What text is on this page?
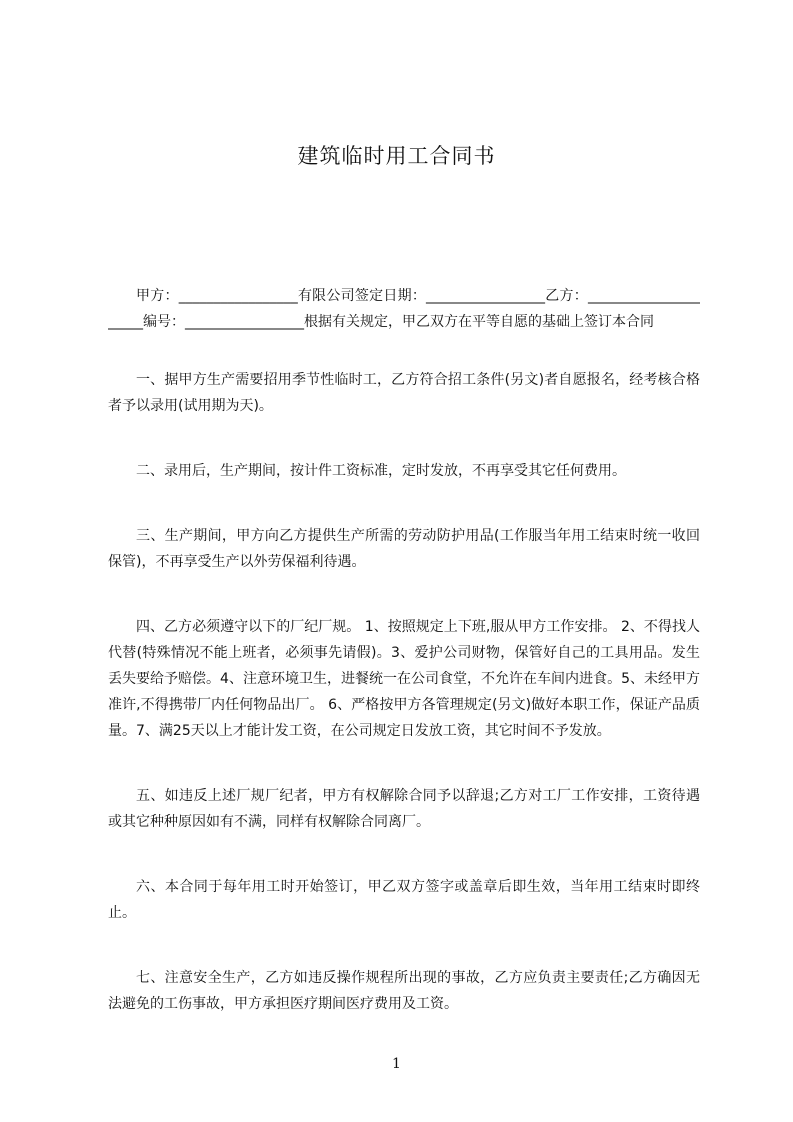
建筑临时用工合同书

甲方：_________________有限公司签定日期：_________________乙方：_____________________编号：_________________根据有关规定，甲乙双方在平等自愿的基础上签订本合同

一、据甲方生产需要招用季节性临时工，乙方符合招工条件(另文)者自愿报名，经考核合格者予以录用(试用期为天)。

二、录用后，生产期间，按计件工资标准，定时发放，不再享受其它任何费用。

三、生产期间，甲方向乙方提供生产所需的劳动防护用品(工作服当年用工结束时统一收回保管)，不再享受生产以外劳保福利待遇。

四、乙方必须遵守以下的厂纪厂规。 1、按照规定上下班,服从甲方工作安排。 2、不得找人代替(特殊情况不能上班者，必须事先请假)。3、爱护公司财物，保管好自己的工具用品。发生丢失要给予赔偿。4、注意环境卫生，进餐统一在公司食堂，不允许在车间内进食。5、未经甲方准许,不得携带厂内任何物品出厂。 6、严格按甲方各管理规定(另文)做好本职工作，保证产品质量。7、满25天以上才能计发工资，在公司规定日发放工资，其它时间不予发放。

五、如违反上述厂规厂纪者，甲方有权解除合同予以辞退;乙方对工厂工作安排，工资待遇或其它种种原因如有不满，同样有权解除合同离厂。

六、本合同于每年用工时开始签订，甲乙双方签字或盖章后即生效，当年用工结束时即终止。

七、注意安全生产，乙方如违反操作规程所出现的事故，乙方应负责主要责任;乙方确因无法避免的工伤事故，甲方承担医疗期间医疗费用及工资。

1
